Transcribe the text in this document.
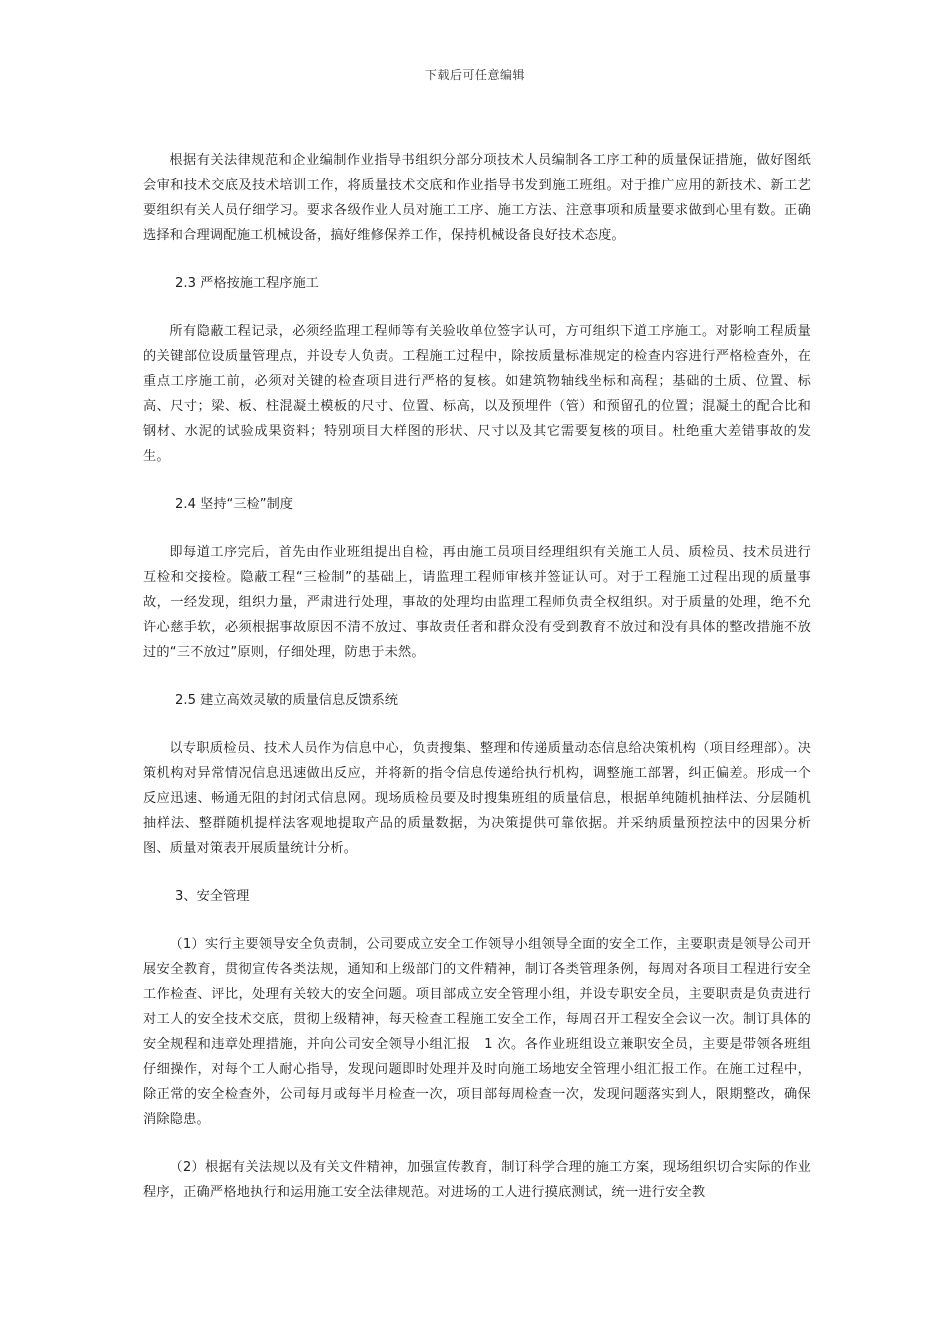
下载后可任意编辑

根据有关法律规范和企业编制作业指导书组织分部分项技术人员编制各工序工种的质量保证措施，做好图纸会审和技术交底及技术培训工作，将质量技术交底和作业指导书发到施工班组。对于推广应用的新技术、新工艺要组织有关人员仔细学习。要求各级作业人员对施工工序、施工方法、注意事项和质量要求做到心里有数。正确选择和合理调配施工机械设备，搞好维修保养工作，保持机械设备良好技术态度。

2.3 严格按施工程序施工

所有隐蔽工程记录，必须经监理工程师等有关验收单位签字认可，方可组织下道工序施工。对影响工程质量的关键部位设质量管理点，并设专人负责。工程施工过程中，除按质量标准规定的检查内容进行严格检查外，在重点工序施工前，必须对关键的检查项目进行严格的复核。如建筑物轴线坐标和高程；基础的土质、位置、标高、尺寸；梁、板、柱混凝土模板的尺寸、位置、标高，以及预埋件（管）和预留孔的位置；混凝土的配合比和钢材、水泥的试验成果资料；特别项目大样图的形状、尺寸以及其它需要复核的项目。杜绝重大差错事故的发生。

2.4 坚持“三检”制度

即每道工序完后，首先由作业班组提出自检，再由施工员项目经理组织有关施工人员、质检员、技术员进行互检和交接检。隐蔽工程“三检制”的基础上，请监理工程师审核并签证认可。对于工程施工过程出现的质量事故，一经发现，组织力量，严肃进行处理，事故的处理均由监理工程师负责全权组织。对于质量的处理，绝不允许心慈手软，必须根据事故原因不清不放过、事故责任者和群众没有受到教育不放过和没有具体的整改措施不放过的“三不放过”原则，仔细处理，防患于未然。

2.5 建立高效灵敏的质量信息反馈系统

以专职质检员、技术人员作为信息中心，负责搜集、整理和传递质量动态信息给决策机构（项目经理部）。决策机构对异常情况信息迅速做出反应，并将新的指令信息传递给执行机构，调整施工部署，纠正偏差。形成一个反应迅速、畅通无阻的封闭式信息网。现场质检员要及时搜集班组的质量信息，根据单纯随机抽样法、分层随机抽样法、整群随机提样法客观地提取产品的质量数据，为决策提供可靠依据。并采纳质量预控法中的因果分析图、质量对策表开展质量统计分析。

3、安全管理

（1）实行主要领导安全负责制，公司要成立安全工作领导小组领导全面的安全工作，主要职责是领导公司开展安全教育，贯彻宣传各类法规，通知和上级部门的文件精神，制订各类管理条例，每周对各项目工程进行安全工作检查、评比，处理有关较大的安全问题。项目部成立安全管理小组，并设专职安全员，主要职责是负责进行对工人的安全技术交底，贯彻上级精神，每天检查工程施工安全工作，每周召开工程安全会议一次。制订具体的安全规程和违章处理措施，并向公司安全领导小组汇报　1 次。各作业班组设立兼职安全员，主要是带领各班组仔细操作，对每个工人耐心指导，发现问题即时处理并及时向施工场地安全管理小组汇报工作。在施工过程中，除正常的安全检查外，公司每月或每半月检查一次，项目部每周检查一次，发现问题落实到人，限期整改，确保消除隐患。

（2）根据有关法规以及有关文件精神，加强宣传教育，制订科学合理的施工方案，现场组织切合实际的作业程序，正确严格地执行和运用施工安全法律规范。对进场的工人进行摸底测试，统一进行安全教
